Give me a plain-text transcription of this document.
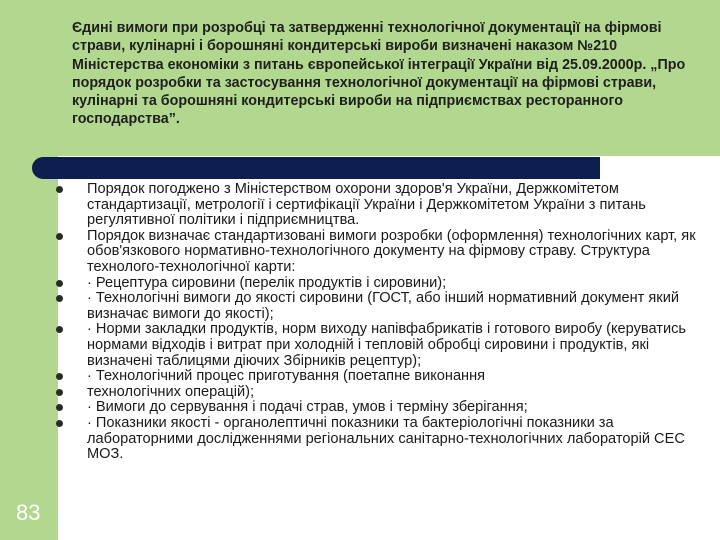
Єдині вимоги при розробці та затвердженні технологічної документації на фірмові страви, кулінарні і борошняні кондитерські вироби визначені наказом №210 Міністерства економіки з питань європейської інтеграції України від 25.09.2000р. „Про порядок розробки та застосування технологічної документації на фірмові страви, кулінарні та борошняні кондитерські вироби на підприємствах ресторанного господарства”.

Порядок погоджено з Міністерством охорони здоров'я України, Держкомітетом стандартизації, метрології і сертифікації України і Держкомітетом України з питань регулятивної політики і підприємництва.
Порядок визначає стандартизовані вимоги розробки (оформлення) технологічних карт, як обов'язкового нормативно-технологічного документу на фірмову страву. Структура технолого-технологічної карти:
· Рецептура сировини (перелік продуктів і сировини);
· Технологічні вимоги до якості сировини (ГОСТ, або інший нормативний документ який визначає вимоги до якості);
· Норми закладки продуктів, норм виходу напівфабрикатів і готового виробу (керуватись нормами відходів і витрат при холодній і тепловій обробці сировини і продуктів, які визначені таблицями діючих Збірників рецептур);
· Технологічний процес приготування (поетапне виконання
технологічних операцій);
· Вимоги до сервування і подачі страв, умов і терміну зберігання;
· Показники якості - органолептичні показники та бактеріологічні показники за лабораторними дослідженнями регіональних санітарно-технологічних лабораторій СЕС МОЗ.
83
